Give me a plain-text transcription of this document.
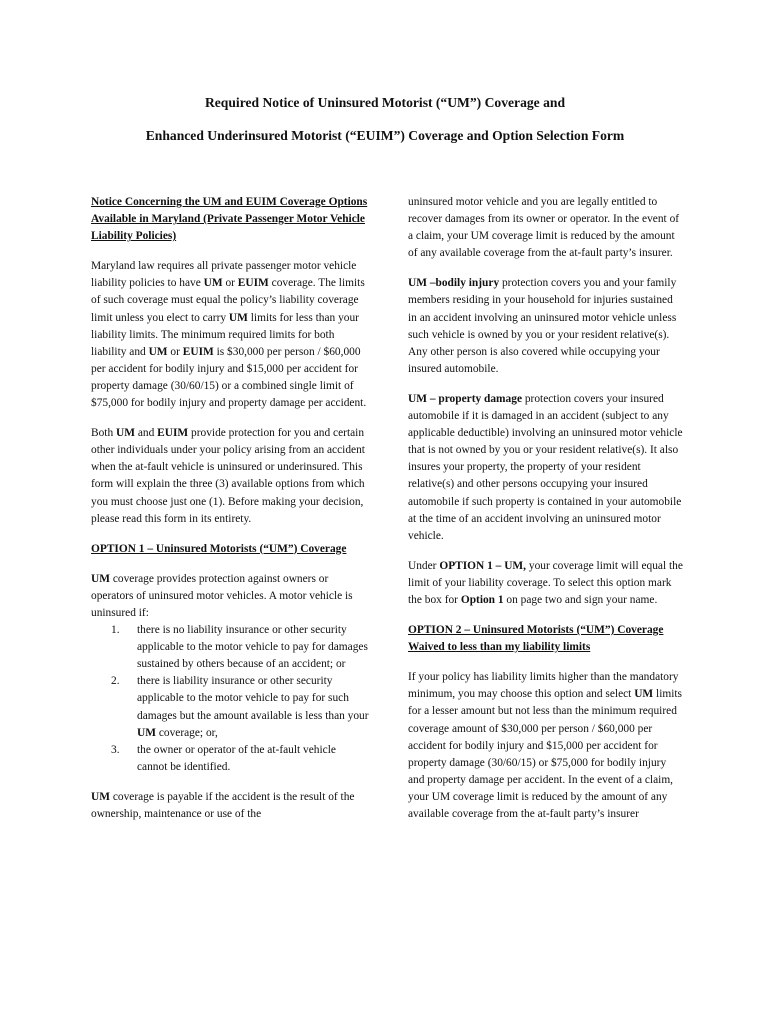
Required Notice of Uninsured Motorist (“UM”) Coverage and
Enhanced Underinsured Motorist (“EUIM”) Coverage and Option Selection Form

Notice Concerning the UM and EUIM Coverage Options Available in Maryland (Private Passenger Motor Vehicle Liability Policies)

Maryland law requires all private passenger motor vehicle liability policies to have UM or EUIM coverage. The limits of such coverage must equal the policy’s liability coverage limit unless you elect to carry UM limits for less than your liability limits. The minimum required limits for both liability and UM or EUIM is $30,000 per person / $60,000 per accident for bodily injury and $15,000 per accident for property damage (30/60/15) or a combined single limit of $75,000 for bodily injury and property damage per accident.

Both UM and EUIM provide protection for you and certain other individuals under your policy arising from an accident when the at-fault vehicle is uninsured or underinsured. This form will explain the three (3) available options from which you must choose just one (1). Before making your decision, please read this form in its entirety.

OPTION 1 – Uninsured Motorists (“UM”) Coverage

UM coverage provides protection against owners or operators of uninsured motor vehicles. A motor vehicle is uninsured if:

1. there is no liability insurance or other security applicable to the motor vehicle to pay for damages sustained by others because of an accident; or
2. there is liability insurance or other security applicable to the motor vehicle to pay for such damages but the amount available is less than your UM coverage; or,
3. the owner or operator of the at-fault vehicle cannot be identified.

UM coverage is payable if the accident is the result of the ownership, maintenance or use of the

uninsured motor vehicle and you are legally entitled to recover damages from its owner or operator. In the event of a claim, your UM coverage limit is reduced by the amount of any available coverage from the at-fault party’s insurer.

UM –bodily injury protection covers you and your family members residing in your household for injuries sustained in an accident involving an uninsured motor vehicle unless such vehicle is owned by you or your resident relative(s). Any other person is also covered while occupying your insured automobile.

UM – property damage protection covers your insured automobile if it is damaged in an accident (subject to any applicable deductible) involving an uninsured motor vehicle that is not owned by you or your resident relative(s). It also insures your property, the property of your resident relative(s) and other persons occupying your insured automobile if such property is contained in your automobile at the time of an accident involving an uninsured motor vehicle.

Under OPTION 1 – UM, your coverage limit will equal the limit of your liability coverage. To select this option mark the box for Option 1 on page two and sign your name.

OPTION 2 – Uninsured Motorists (“UM”) Coverage Waived to less than my liability limits

If your policy has liability limits higher than the mandatory minimum, you may choose this option and select UM limits for a lesser amount but not less than the minimum required coverage amount of $30,000 per person / $60,000 per accident for bodily injury and $15,000 per accident for property damage (30/60/15) or $75,000 for bodily injury and property damage per accident. In the event of a claim, your UM coverage limit is reduced by the amount of any available coverage from the at-fault party’s insurer
